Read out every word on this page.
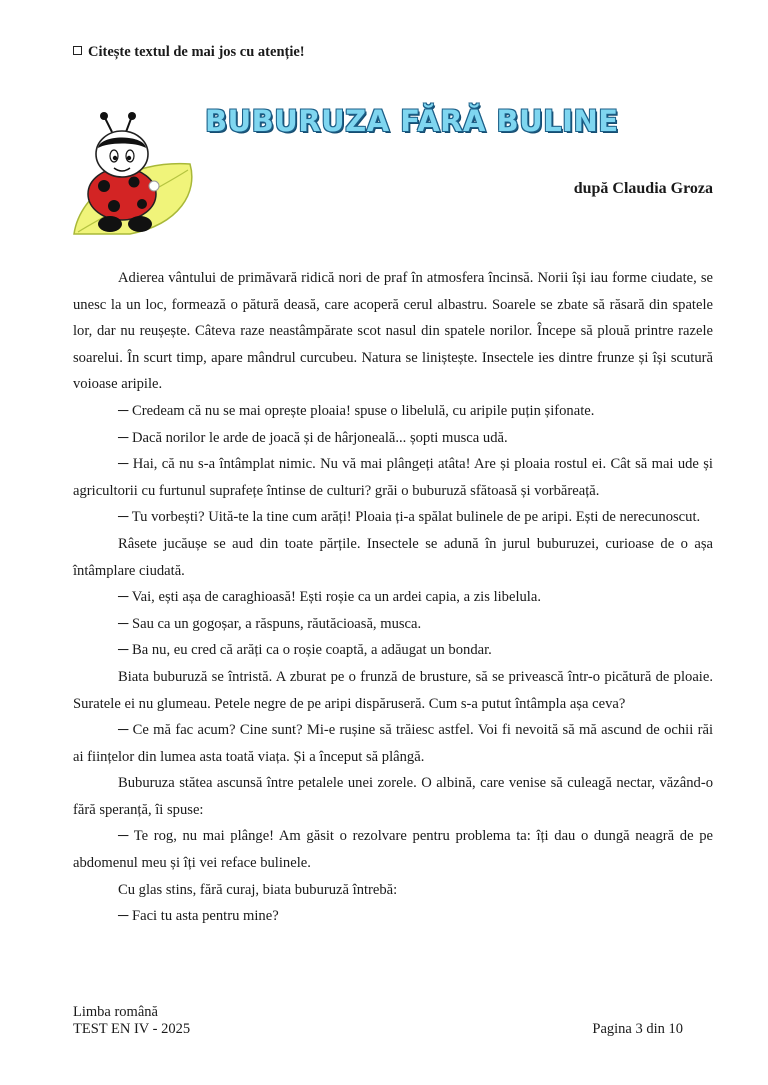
Citește textul de mai jos cu atenție!
BUBURUZA FĂRĂ BULINE
după Claudia Groza

Adierea vântului de primăvară ridică nori de praf în atmosfera încinsă. Norii își iau forme ciudate, se unesc la un loc, formează o pătură deasă, care acoperă cerul albastru. Soarele se zbate să răsară din spatele lor, dar nu reușește. Câteva raze neastâmpărate scot nasul din spatele norilor. Începe să plouă printre razele soarelui. În scurt timp, apare mândrul curcubeu. Natura se liniștește. Insectele ies dintre frunze și își scutură voioase aripile.

─ Credeam că nu se mai oprește ploaia! spuse o libelulă, cu aripile puțin șifonate.

─ Dacă norilor le arde de joacă și de hârjoneală... șopti musca udă.

─ Hai, că nu s-a întâmplat nimic. Nu vă mai plângeți atâta! Are și ploaia rostul ei. Cât să mai ude și agricultorii cu furtunul suprafețe întinse de culturi? grăi o buburuză sfătoasă și vorbăreață.

─ Tu vorbești? Uită-te la tine cum arăți! Ploaia ți-a spălat bulinele de pe aripi. Ești de nerecunoscut.

Râsete jucăușe se aud din toate părțile. Insectele se adună în jurul buburuzei, curioase de o așa întâmplare ciudată.

─ Vai, ești așa de caraghioasă! Ești roșie ca un ardei capia, a zis libelula.

─ Sau ca un gogoșar, a răspuns, răutăcioasă, musca.

─ Ba nu, eu cred că arăți ca o roșie coaptă, a adăugat un bondar.

Biata buburuză se întristă. A zburat pe o frunză de brusture, să se privească într-o picătură de ploaie. Suratele ei nu glumeau. Petele negre de pe aripi dispăruseră. Cum s-a putut întâmpla așa ceva?

─ Ce mă fac acum? Cine sunt? Mi-e rușine să trăiesc astfel. Voi fi nevoită să mă ascund de ochii răi ai ființelor din lumea asta toată viața. Și a început să plângă.

Buburuza stătea ascunsă între petalele unei zorele. O albină, care venise să culeagă nectar, văzând-o fără speranță, îi spuse:

─ Te rog, nu mai plânge! Am găsit o rezolvare pentru problema ta: îți dau o dungă neagră de pe abdomenul meu și îți vei reface bulinele.

Cu glas stins, fără curaj, biata buburuză întrebă:

─ Faci tu asta pentru mine?

Limba română
TEST EN IV - 2025	Pagina 3 din 10
